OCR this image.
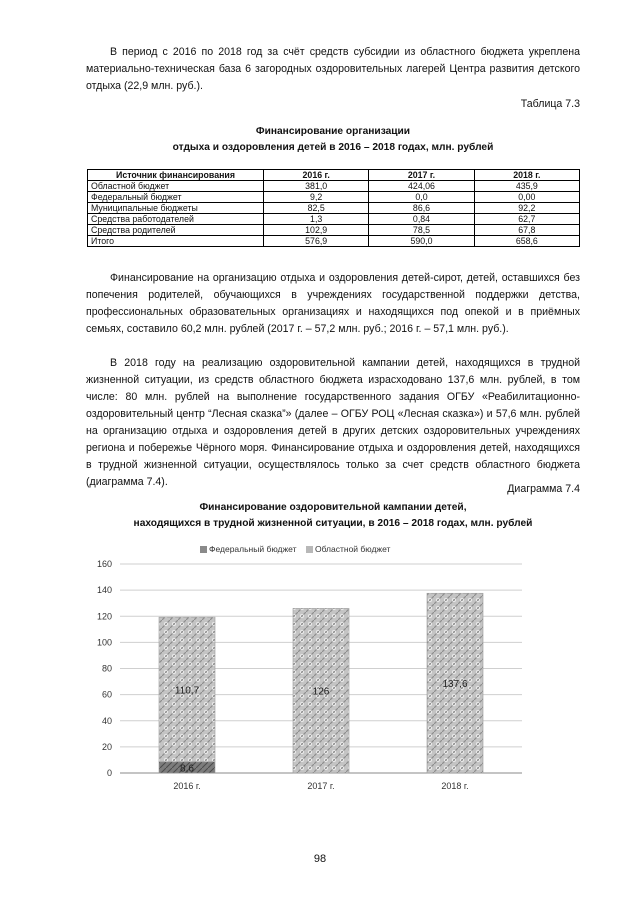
В период с 2016 по 2018 год за счёт средств субсидии из областного бюджета укреплена материально-техническая база 6 загородных оздоровительных лагерей Центра развития детского отдыха (22,9 млн. руб.).

Таблица 7.3
Финансирование организации
отдыха и оздоровления детей в 2016 – 2018 годах, млн. рублей
Источник финансирования	2016 г.	2017 г.	2018 г.
Областной бюджет	381,0	424,06	435,9
Федеральный бюджет	9,2	0,0	0,00
Муниципальные бюджеты	82,5	86,6	92,2
Средства работодателей	1,3	0,84	62,7
Средства родителей	102,9	78,5	67,8
Итого	576,9	590,0	658,6

Финансирование на организацию отдыха и оздоровления детей-сирот, детей, оставшихся без попечения родителей, обучающихся в учреждениях государственной поддержки детства, профессиональных образовательных организациях и находящихся под опекой и в приёмных семьях, составило 60,2 млн. рублей (2017 г. – 57,2 млн. руб.; 2016 г. – 57,1 млн. руб.).

В 2018 году на реализацию оздоровительной кампании детей, находящихся в трудной жизненной ситуации, из средств областного бюджета израсходовано 137,6 млн. рублей, в том числе: 80 млн. рублей на выполнение государственного задания ОГБУ «Реабилитационно-оздоровительный центр “Лесная сказка”» (далее – ОГБУ РОЦ «Лесная сказка») и 57,6 млн. рублей на организацию отдыха и оздоровления детей в других детских оздоровительных учреждениях региона и побережье Чёрного моря. Финансирование отдыха и оздоровления детей, находящихся в трудной жизненной ситуации, осуществлялось только за счет средств областного бюджета (диаграмма 7.4).

Диаграмма 7.4
Финансирование оздоровительной кампании детей,
находящихся в трудной жизненной ситуации, в 2016 – 2018 годах, млн. рублей
Федеральный бюджет Областной бюджет
0
20
40
60
80
100
120
140
160
8,6
110,7
2016 г.
126
2017 г.
137,6
2018 г.
98
